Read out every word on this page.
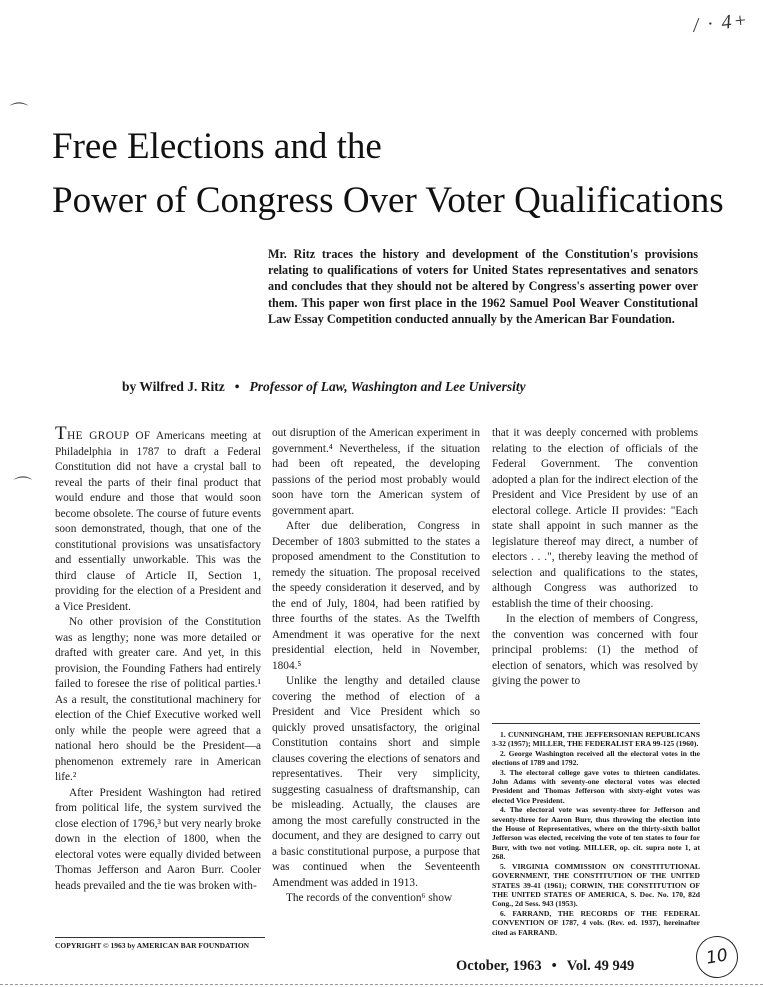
/ · 4+
⌒
⌒
Free Elections and the
Power of Congress Over Voter Qualifications

Mr. Ritz traces the history and development of the Constitution's provisions relating to qualifications of voters for United States representatives and senators and concludes that they should not be altered by Congress's asserting power over them. This paper won first place in the 1962 Samuel Pool Weaver Constitutional Law Essay Competition conducted annually by the American Bar Foundation.

by Wilfred J. Ritz • Professor of Law, Washington and Lee University

THE GROUP OF Americans meeting at Philadelphia in 1787 to draft a Federal Constitution did not have a crystal ball to reveal the parts of their final product that would endure and those that would soon become obsolete. The course of future events soon demonstrated, though, that one of the constitutional provisions was unsatisfactory and essentially unworkable. This was the third clause of Article II, Section 1, providing for the election of a President and a Vice President.

No other provision of the Constitution was as lengthy; none was more detailed or drafted with greater care. And yet, in this provision, the Founding Fathers had entirely failed to foresee the rise of political parties.¹ As a result, the constitutional machinery for election of the Chief Executive worked well only while the people were agreed that a national hero should be the President—a phenomenon extremely rare in American life.²

After President Washington had retired from political life, the system survived the close election of 1796,³ but very nearly broke down in the election of 1800, when the electoral votes were equally divided between Thomas Jefferson and Aaron Burr. Cooler heads prevailed and the tie was broken with-

out disruption of the American experiment in government.⁴ Nevertheless, if the situation had been oft repeated, the developing passions of the period most probably would soon have torn the American system of government apart.

After due deliberation, Congress in December of 1803 submitted to the states a proposed amendment to the Constitution to remedy the situation. The proposal received the speedy consideration it deserved, and by the end of July, 1804, had been ratified by three fourths of the states. As the Twelfth Amendment it was operative for the next presidential election, held in November, 1804.⁵

Unlike the lengthy and detailed clause covering the method of election of a President and Vice President which so quickly proved unsatisfactory, the original Constitution contains short and simple clauses covering the elections of senators and representatives. Their very simplicity, suggesting casualness of draftsmanship, can be misleading. Actually, the clauses are among the most carefully constructed in the document, and they are designed to carry out a basic constitutional purpose, a purpose that was continued when the Seventeenth Amendment was added in 1913.

The records of the convention⁶ show

that it was deeply concerned with problems relating to the election of officials of the Federal Government. The convention adopted a plan for the indirect election of the President and Vice President by use of an electoral college. Article II provides: "Each state shall appoint in such manner as the legislature thereof may direct, a number of electors . . .", thereby leaving the method of selection and qualifications to the states, although Congress was authorized to establish the time of their choosing.

In the election of members of Congress, the convention was concerned with four principal problems: (1) the method of election of senators, which was resolved by giving the power to

1. CUNNINGHAM, THE JEFFERSONIAN REPUBLICANS 3-32 (1957); MILLER, THE FEDERALIST ERA 99-125 (1960).

2. George Washington received all the electoral votes in the elections of 1789 and 1792.

3. The electoral college gave votes to thirteen candidates. John Adams with seventy-one electoral votes was elected President and Thomas Jefferson with sixty-eight votes was elected Vice President.

4. The electoral vote was seventy-three for Jefferson and seventy-three for Aaron Burr, thus throwing the election into the House of Representatives, where on the thirty-sixth ballot Jefferson was elected, receiving the vote of ten states to four for Burr, with two not voting. MILLER, op. cit. supra note 1, at 268.

5. VIRGINIA COMMISSION ON CONSTITUTIONAL GOVERNMENT, THE CONSTITUTION OF THE UNITED STATES 39-41 (1961); CORWIN, THE CONSTITUTION OF THE UNITED STATES OF AMERICA, S. Doc. No. 170, 82d Cong., 2d Sess. 943 (1953).

6. FARRAND, THE RECORDS OF THE FEDERAL CONVENTION OF 1787, 4 vols. (Rev. ed. 1937), hereinafter cited as FARRAND.

COPYRIGHT © 1963 by AMERICAN BAR FOUNDATION
October, 1963 • Vol. 49 949	10
